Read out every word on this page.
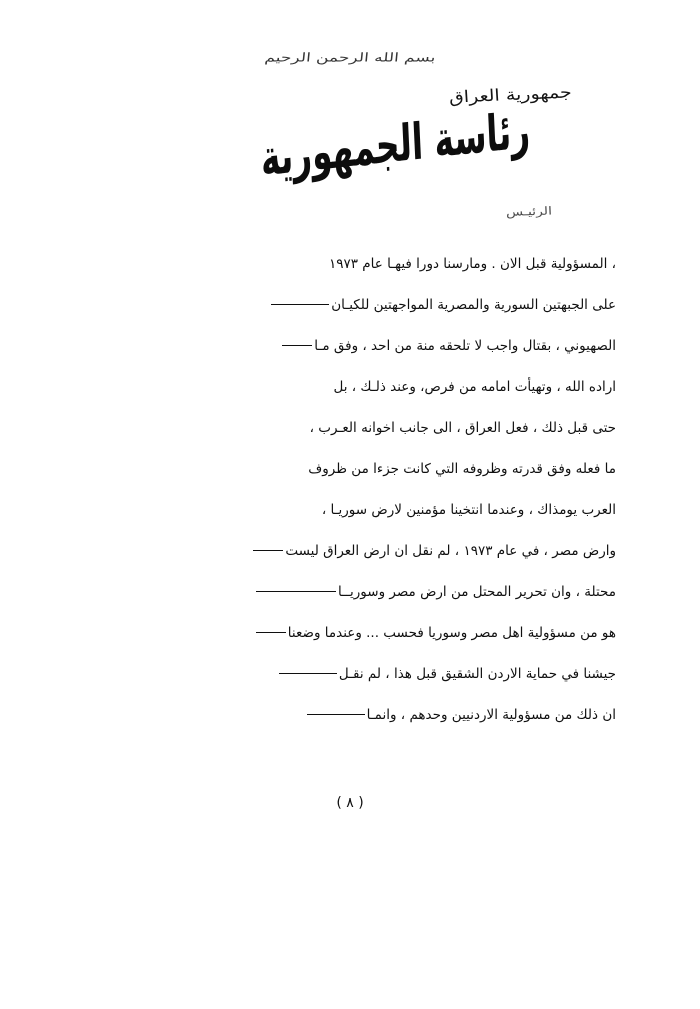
بسم الله الرحمن الرحيم
جمهورية العراق
رئاسة الجمهورية
الرئيـس
، المسؤولية قبل الان . ومارسنا دورا فيهـا عام ١٩٧٣
على الجبهتين السورية والمصرية المواجهتين للكيـان
الصهيوني ، بقتال واجب لا تلحقه منة من احد ، وفق مـا
اراده الله ، وتهيأت امامه من فرص، وعند ذلـك ، بل
حتى قبل ذلك ، فعل العراق ، الى جانب اخوانه العـرب ،
ما فعله وفق قدرته وظروفه التي كانت جزءا من ظروف
العرب يومذاك ، وعندما انتخينا مؤمنين لارض سوريـا ،
وارض مصر ، في عام ١٩٧٣ ، لم نقل ان ارض العراق ليست
محتلة ، وان تحرير المحتل من ارض مصر وسوريــا
هو من مسؤولية اهل مصر وسوريا فحسب ... وعندما وضعنا
جيشنا في حماية الاردن الشقيق قبل هذا ، لم نقـل
ان ذلك من مسؤولية الاردنيين وحدهم ، وانمـا
( ٨ )
